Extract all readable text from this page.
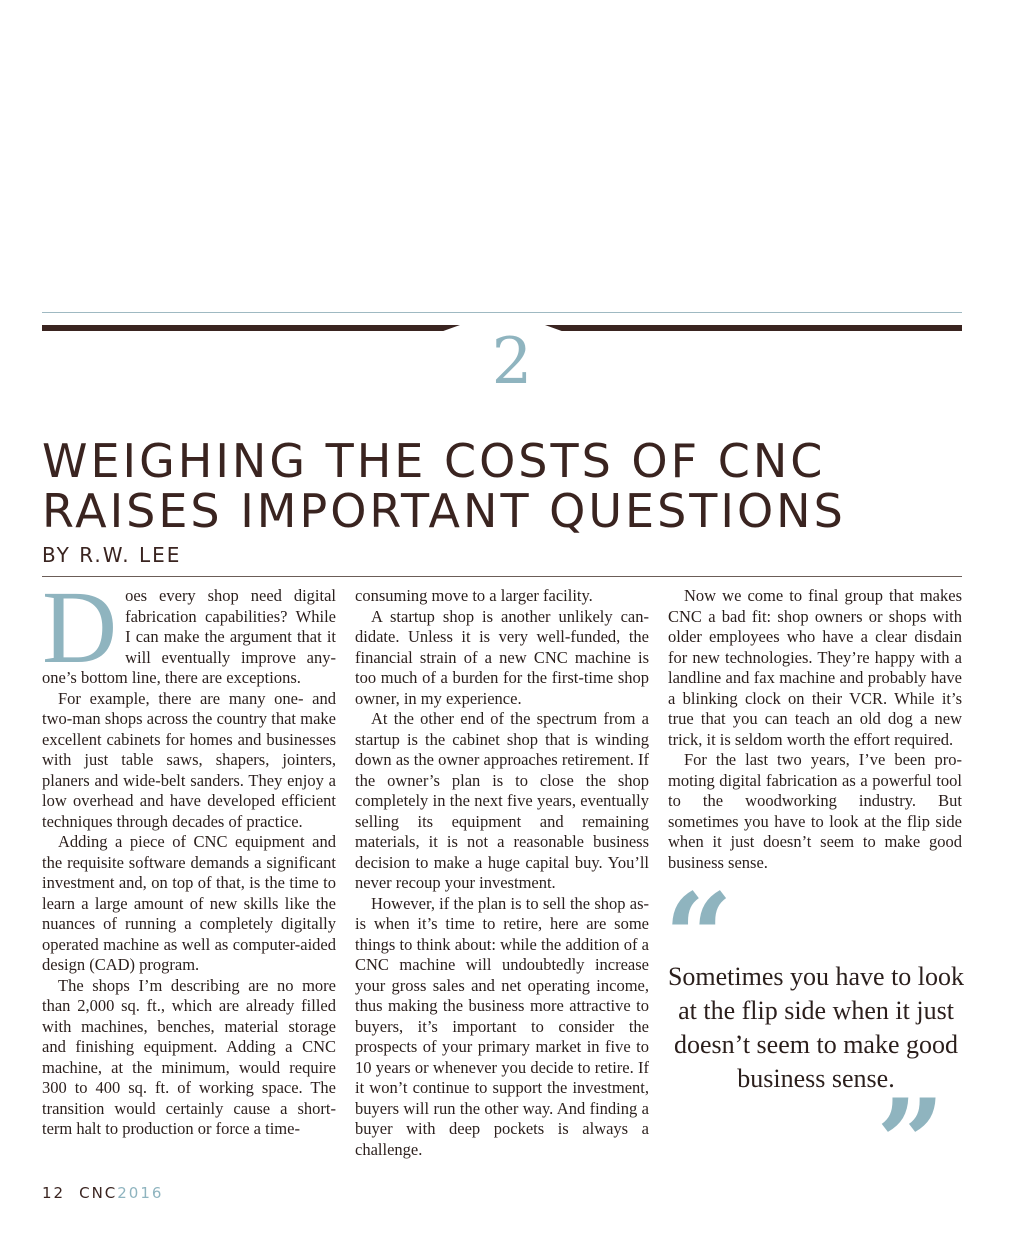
2
WEIGHING THE COSTS OF CNC
RAISES IMPORTANT QUESTIONS
BY R.W. LEE

Does every shop need digital fabrication capabilities? While I can make the argument that it will eventually improve anyone’s bottom line, there are exceptions.

For example, there are many one- and two-man shops across the country that make excellent cabinets for homes and businesses with just table saws, shapers, jointers, planers and wide-belt sanders. They enjoy a low overhead and have developed efficient techniques through decades of practice.

Adding a piece of CNC equipment and the requisite software demands a significant investment and, on top of that, is the time to learn a large amount of new skills like the nuances of running a completely digitally operated machine as well as computer-aided design (CAD) program.

The shops I’m describing are no more than 2,000 sq. ft., which are already filled with machines, benches, material storage and finishing equipment. Adding a CNC machine, at the minimum, would require 300 to 400 sq. ft. of working space. The transition would certainly cause a short-term halt to production or force a time-

consuming move to a larger facility.

A startup shop is another unlikely candidate. Unless it is very well-funded, the financial strain of a new CNC machine is too much of a burden for the first-time shop owner, in my experience.

At the other end of the spectrum from a startup is the cabinet shop that is winding down as the owner approaches retirement. If the owner’s plan is to close the shop completely in the next five years, eventually selling its equipment and remaining materials, it is not a reasonable business decision to make a huge capital buy. You’ll never recoup your investment.

However, if the plan is to sell the shop as-is when it’s time to retire, here are some things to think about: while the addition of a CNC machine will undoubtedly increase your gross sales and net operating income, thus making the business more attractive to buyers, it’s important to consider the prospects of your primary market in five to 10 years or whenever you decide to retire. If it won’t continue to support the investment, buyers will run the other way. And finding a buyer with deep pockets is always a challenge.

Now we come to final group that makes CNC a bad fit: shop owners or shops with older employees who have a clear disdain for new technologies. They’re happy with a landline and fax machine and probably have a blinking clock on their VCR. While it’s true that you can teach an old dog a new trick, it is seldom worth the effort required.

For the last two years, I’ve been promoting digital fabrication as a powerful tool to the woodworking industry. But sometimes you have to look at the flip side when it just doesn’t seem to make good business sense.

“

Sometimes you have to look at the flip side when it just doesn’t seem to make good business sense.

”
12 CNC2016
